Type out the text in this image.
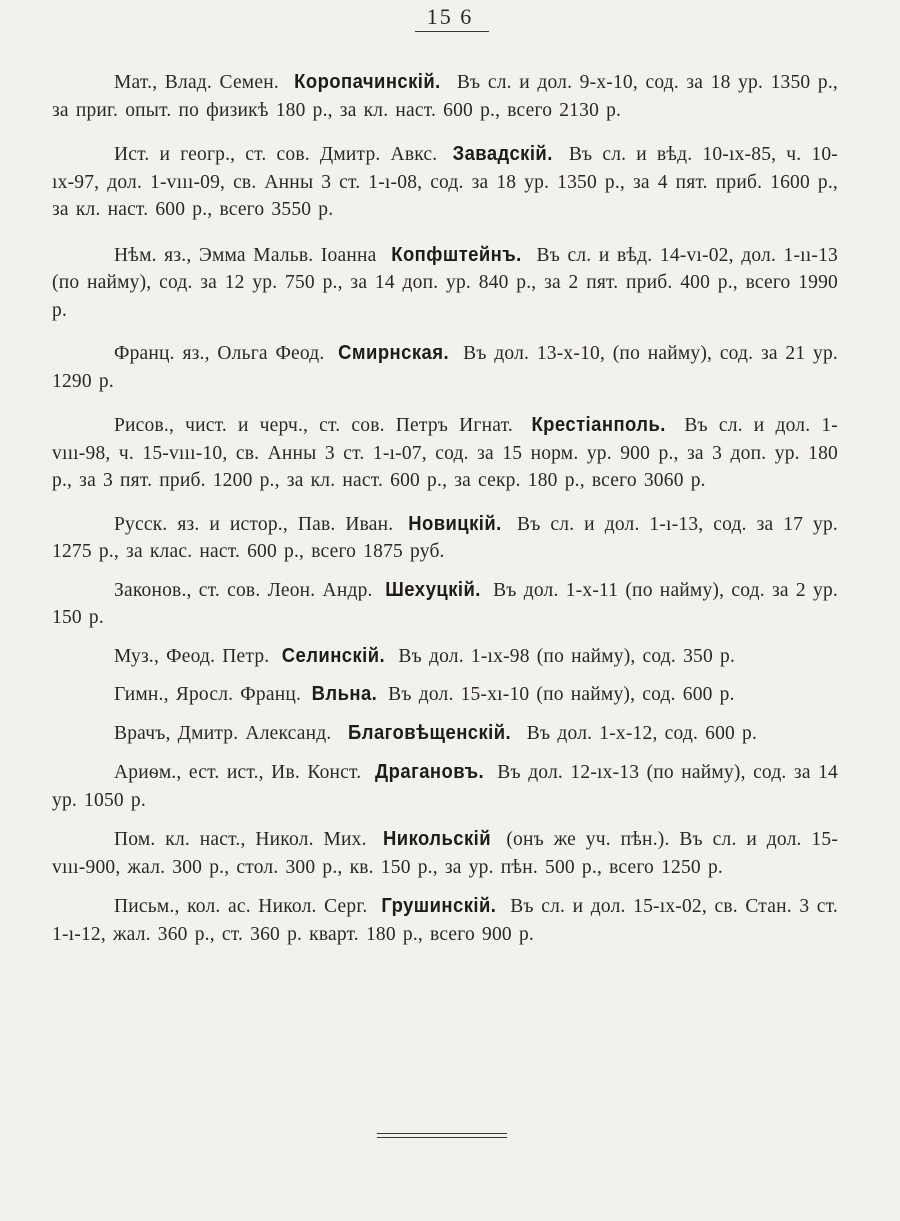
15 6

Мат., Влад. Семен. Коропачинскій. Въ сл. и дол. 9-х-10, сод. за 18 ур. 1350 р., за приг. опыт. по физикѣ 180 р., за кл. наст. 600 р., всего 2130 р.

Ист. и геогр., ст. сов. Дмитр. Авкс. Завадскій. Въ сл. и вѣд. 10-ıх-85, ч. 10-ıх-97, дол. 1-vııı-09, св. Анны 3 ст. 1-ı-08, сод. за 18 ур. 1350 р., за 4 пят. приб. 1600 р., за кл. наст. 600 р., всего 3550 р.

Нѣм. яз., Эмма Мальв. Іоанна Копфштейнъ. Въ сл. и вѣд. 14-vı-02, дол. 1-ıı-13 (по найму), сод. за 12 ур. 750 р., за 14 доп. ур. 840 р., за 2 пят. приб. 400 р., всего 1990 р.

Франц. яз., Ольга Феод. Смирнская. Въ дол. 13-х-10, (по найму), сод. за 21 ур. 1290 р.

Рисов., чист. и черч., ст. сов. Петръ Игнат. Крестіанполь. Въ сл. и дол. 1-vııı-98, ч. 15-vııı-10, св. Анны 3 ст. 1-ı-07, сод. за 15 норм. ур. 900 р., за 3 доп. ур. 180 р., за 3 пят. приб. 1200 р., за кл. наст. 600 р., за секр. 180 р., всего 3060 р.

Русск. яз. и истор., Пав. Иван. Новицкій. Въ сл. и дол. 1-ı-13, сод. за 17 ур. 1275 р., за клас. наст. 600 р., всего 1875 руб.

Законов., ст. сов. Леон. Андр. Шехуцкій. Въ дол. 1-х-11 (по найму), сод. за 2 ур. 150 р.

Муз., Феод. Петр. Селинскій. Въ дол. 1-ıх-98 (по найму), сод. 350 р.

Гимн., Яросл. Франц. Вльна. Въ дол. 15-хı-10 (по найму), сод. 600 р.

Врачъ, Дмитр. Александ. Благовѣщенскій. Въ дол. 1-х-12, сод. 600 р.

Ариѳм., ест. ист., Ив. Конст. Драгановъ. Въ дол. 12-ıх-13 (по найму), сод. за 14 ур. 1050 р.

Пом. кл. наст., Никол. Мих. Никольскій (онъ же уч. пѣн.). Въ сл. и дол. 15-vııı-900, жал. 300 р., стол. 300 р., кв. 150 р., за ур. пѣн. 500 р., всего 1250 р.

Письм., кол. ас. Никол. Серг. Грушинскій. Въ сл. и дол. 15-ıх-02, св. Стан. 3 ст. 1-ı-12, жал. 360 р., ст. 360 р. кварт. 180 р., всего 900 р.
